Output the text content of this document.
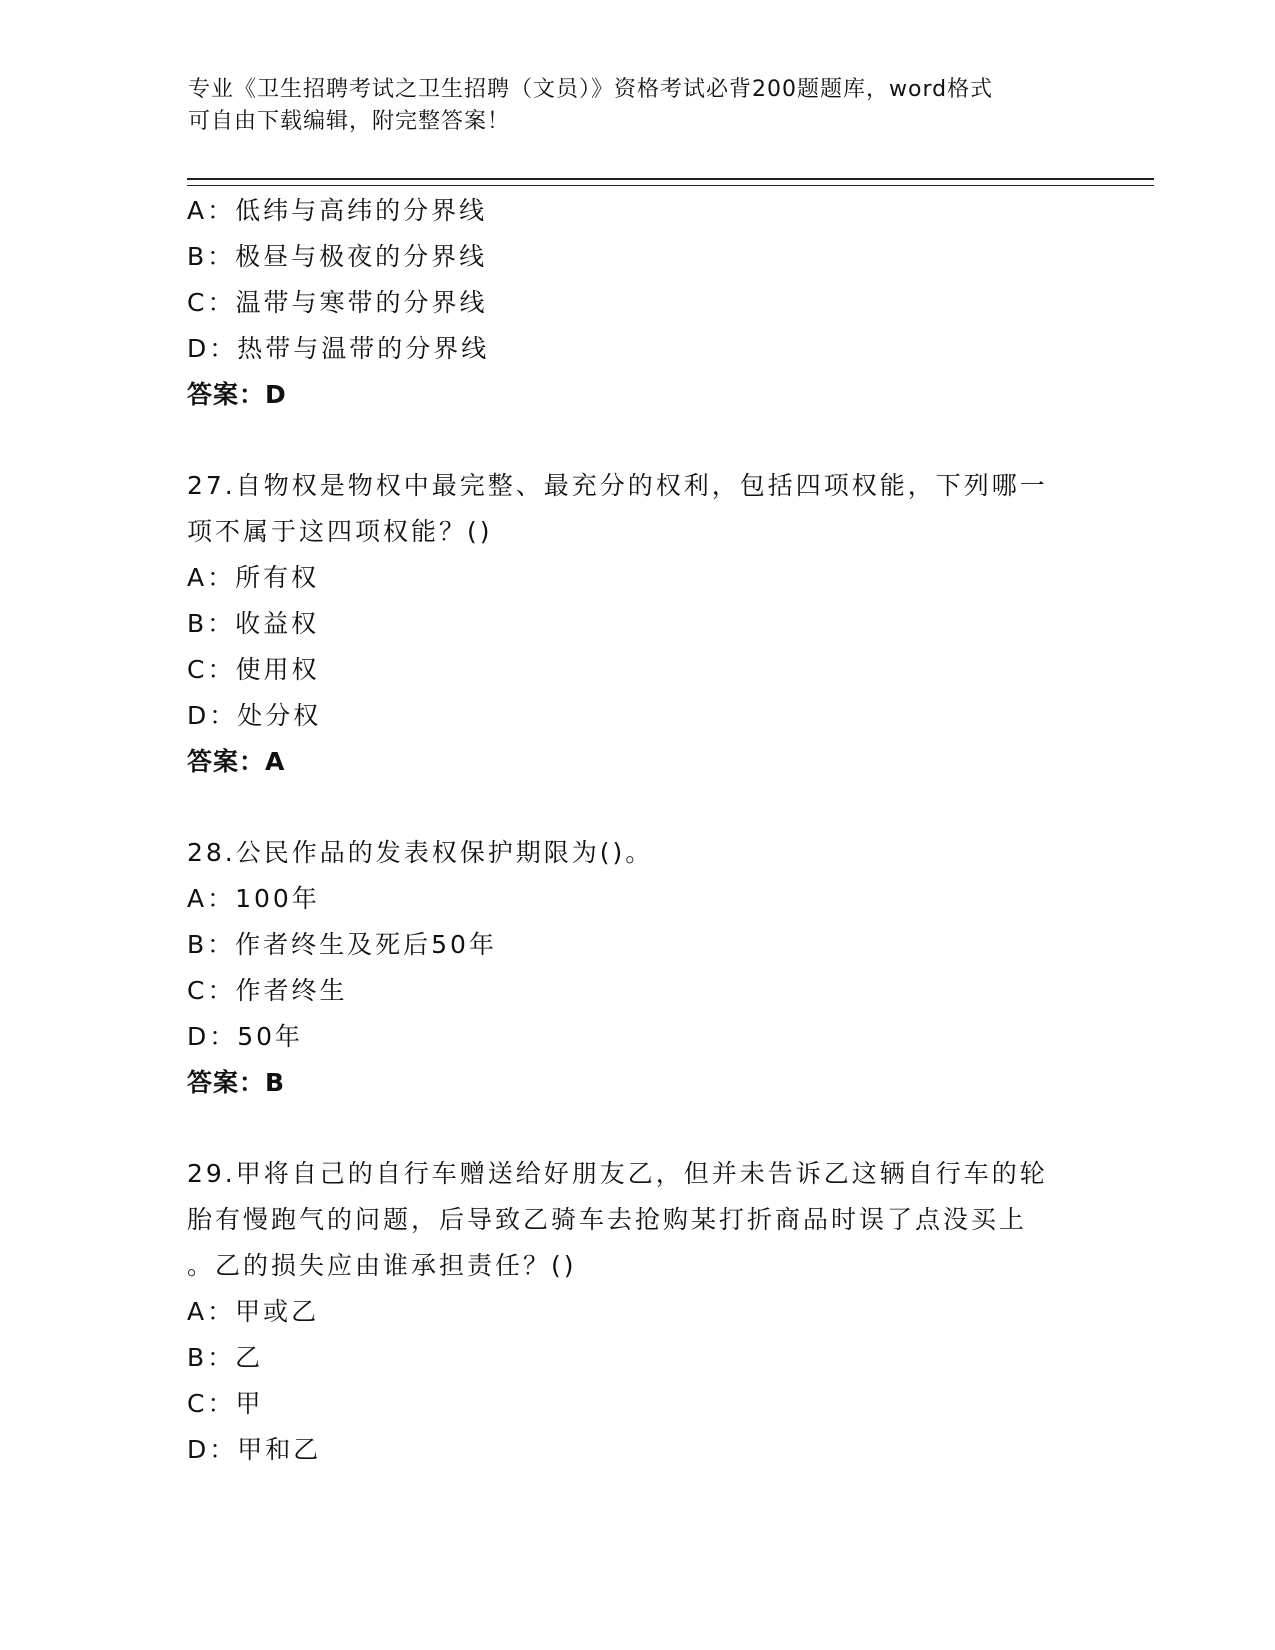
专业《卫生招聘考试之卫生招聘（文员）》资格考试必背200题题库，word格式
可自由下载编辑，附完整答案！
A：低纬与高纬的分界线
B：极昼与极夜的分界线
C：温带与寒带的分界线
D：热带与温带的分界线
答案：D
27.自物权是物权中最完整、最充分的权利，包括四项权能，下列哪一
项不属于这四项权能？()
A：所有权
B：收益权
C：使用权
D：处分权
答案：A
28.公民作品的发表权保护期限为()。
A：100年
B：作者终生及死后50年
C：作者终生
D：50年
答案：B
29.甲将自己的自行车赠送给好朋友乙，但并未告诉乙这辆自行车的轮
胎有慢跑气的问题，后导致乙骑车去抢购某打折商品时误了点没买上
。乙的损失应由谁承担责任？()
A：甲或乙
B：乙
C：甲
D：甲和乙
